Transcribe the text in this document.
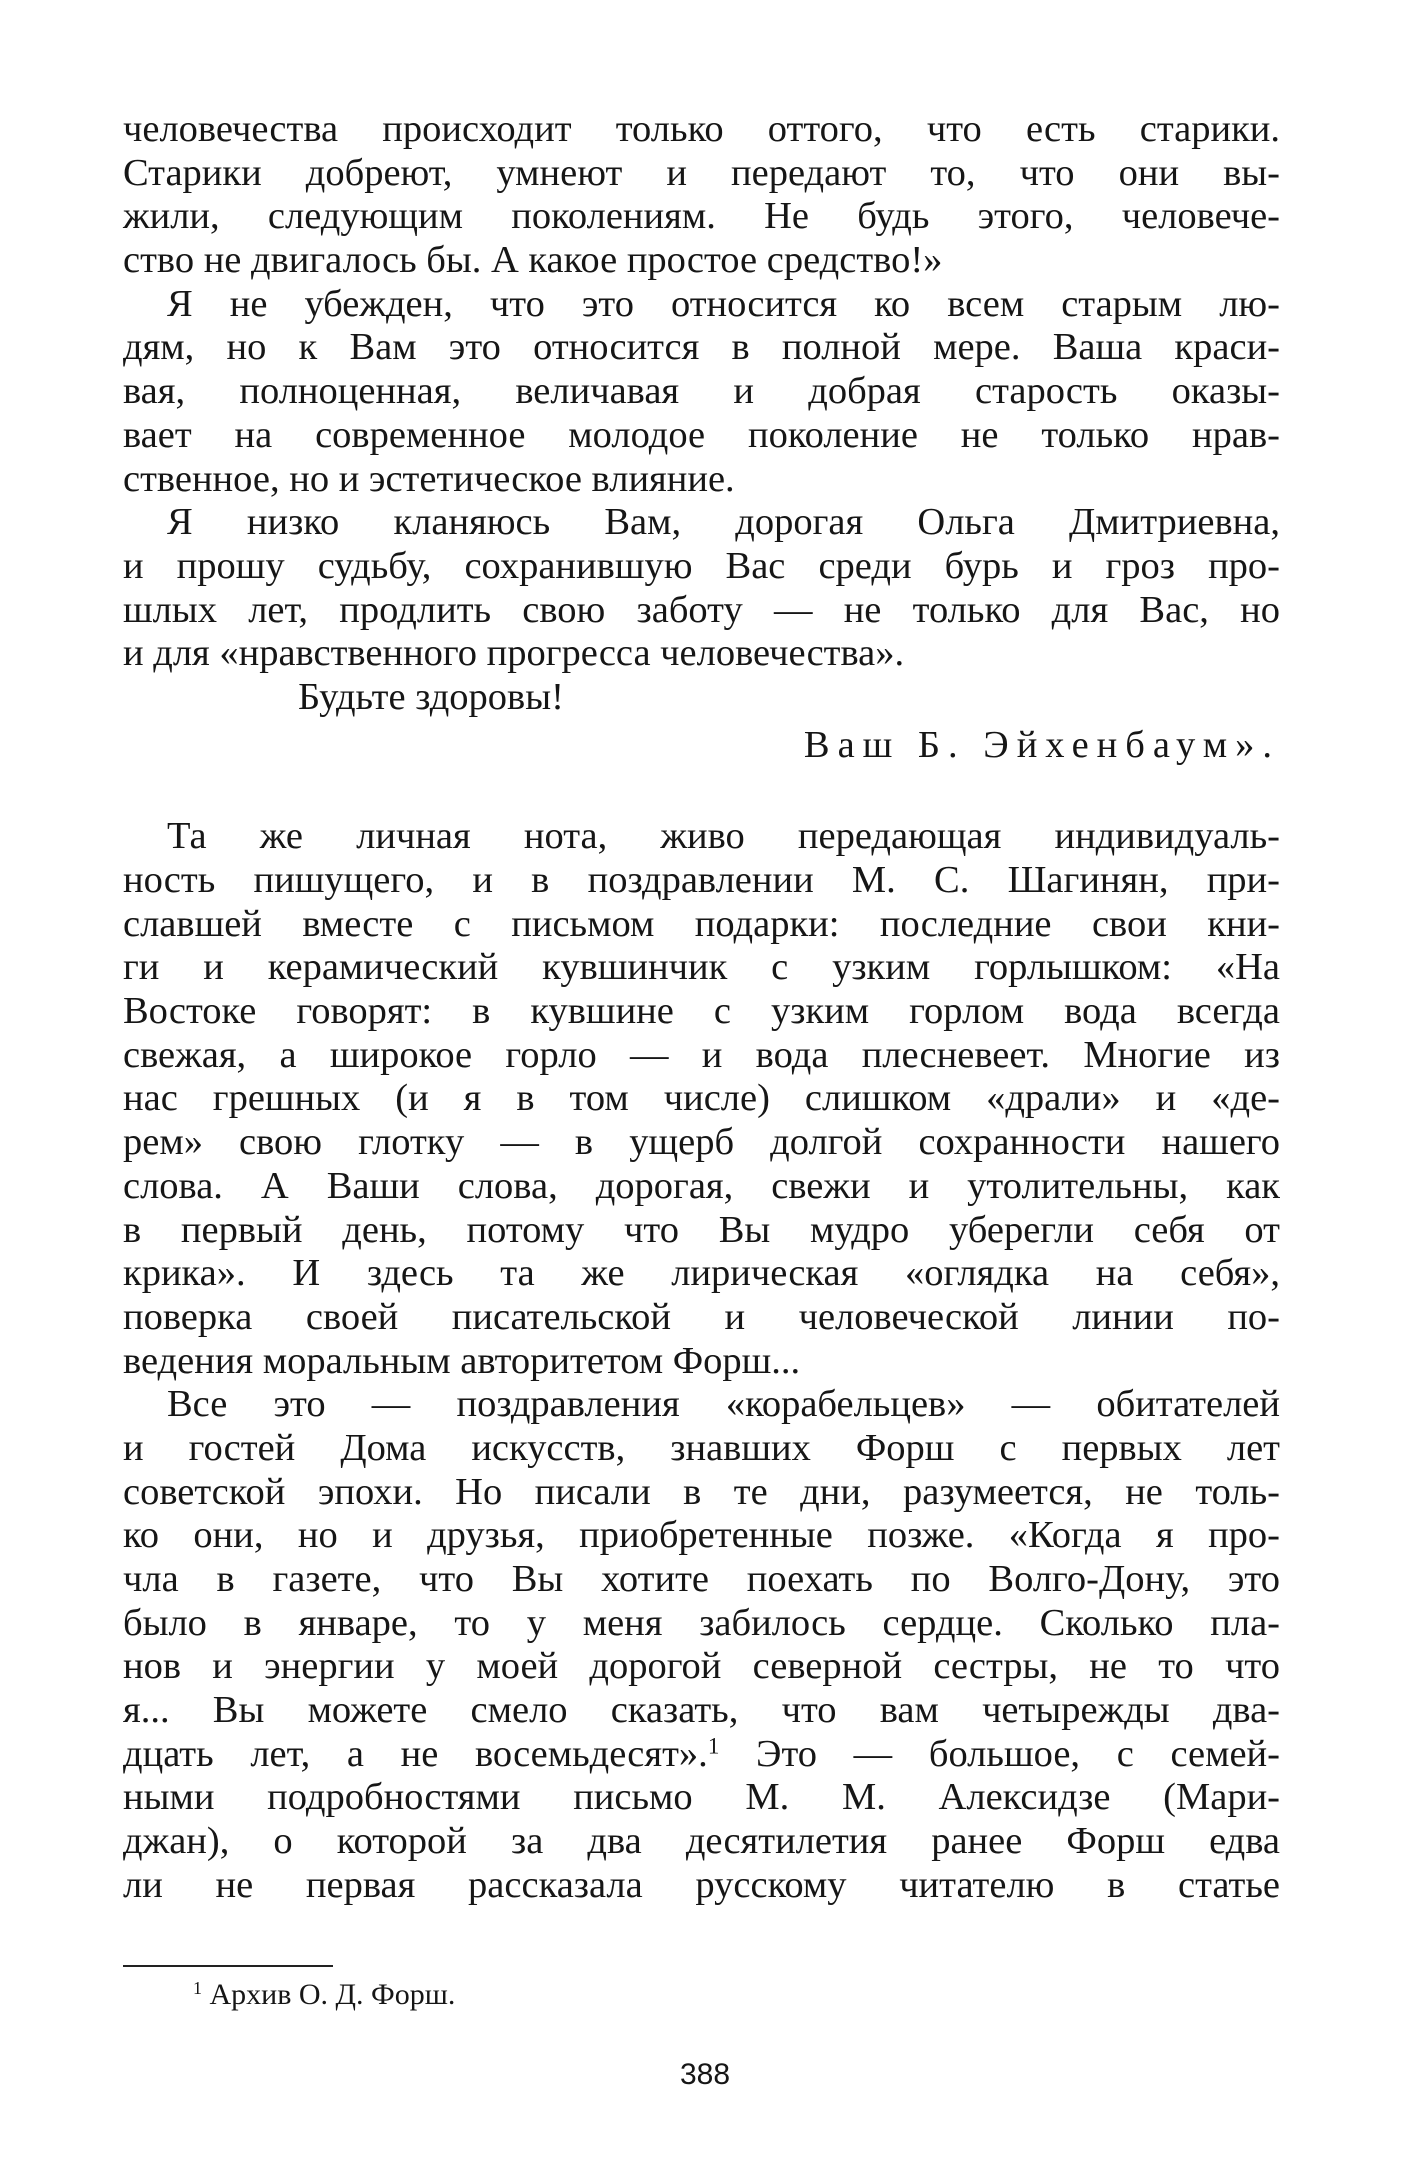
человечества происходит только оттого, что есть старики.
Старики добреют, умнеют и передают то, что они вы-
жили, следующим поколениям. Не будь этого, человече-
ство не двигалось бы. А какое простое средство!»
Я не убежден, что это относится ко всем старым лю-
дям, но к Вам это относится в полной мере. Ваша краси-
вая, полноценная, величавая и добрая старость оказы-
вает на современное молодое поколение не только нрав-
ственное, но и эстетическое влияние.
Я низко кланяюсь Вам, дорогая Ольга Дмитриевна,
и прошу судьбу, сохранившую Вас среди бурь и гроз про-
шлых лет, продлить свою заботу — не только для Вас, но
и для «нравственного прогресса человечества».
Будьте здоровы!
Ваш Б. Эйхенбаум».
Та же личная нота, живо передающая индивидуаль-
ность пишущего, и в поздравлении М. С. Шагинян, при-
славшей вместе с письмом подарки: последние свои кни-
ги и керамический кувшинчик с узким горлышком: «На
Востоке говорят: в кувшине с узким горлом вода всегда
свежая, а широкое горло — и вода плесневеет. Многие из
нас грешных (и я в том числе) слишком «драли» и «де-
рем» свою глотку — в ущерб долгой сохранности нашего
слова. А Ваши слова, дорогая, свежи и утолительны, как
в первый день, потому что Вы мудро уберегли себя от
крика». И здесь та же лирическая «оглядка на себя»,
поверка своей писательской и человеческой линии по-
ведения моральным авторитетом Форш...
Все это — поздравления «корабельцев» — обитателей
и гостей Дома искусств, знавших Форш с первых лет
советской эпохи. Но писали в те дни, разумеется, не толь-
ко они, но и друзья, приобретенные позже. «Когда я про-
чла в газете, что Вы хотите поехать по Волго-Дону, это
было в январе, то у меня забилось сердце. Сколько пла-
нов и энергии у моей дорогой северной сестры, не то что
я... Вы можете смело сказать, что вам четырежды два-
дцать лет, а не восемьдесят».$^1$ Это — большое, с семей-
ными подробностями письмо М. М. Алексидзе (Мари-
джан), о которой за два десятилетия ранее Форш едва
ли не первая рассказала русскому читателю в статье
$^1$ Архив О. Д. Форш.
388
